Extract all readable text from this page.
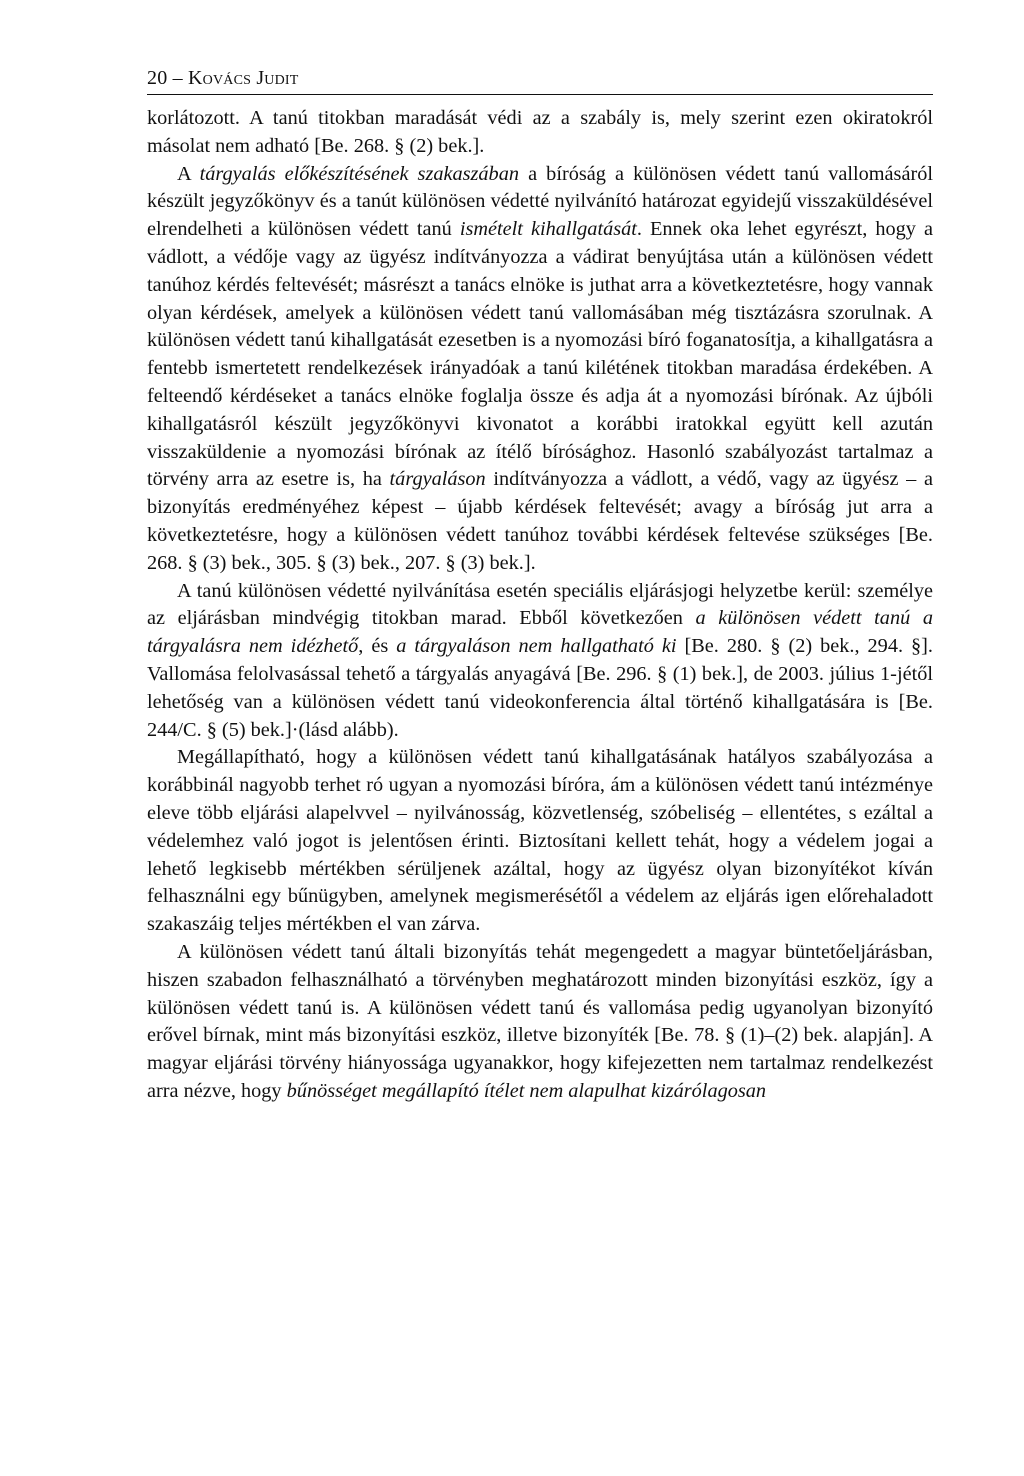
20 – Kovács Judit

korlátozott. A tanú titokban maradását védi az a szabály is, mely szerint ezen okiratokról másolat nem adható [Be. 268. § (2) bek.].

A tárgyalás előkészítésének szakaszában a bíróság a különösen védett tanú vallomásáról készült jegyzőkönyv és a tanút különösen védetté nyilvánító határozat egyidejű visszaküldésével elrendelheti a különösen védett tanú ismételt kihallgatását. Ennek oka lehet egyrészt, hogy a vádlott, a védője vagy az ügyész indítványozza a vádirat benyújtása után a különösen védett tanúhoz kérdés feltevését; másrészt a tanács elnöke is juthat arra a következtetésre, hogy vannak olyan kérdések, amelyek a különösen védett tanú vallomásában még tisztázásra szorulnak. A különösen védett tanú kihallgatását ezesetben is a nyomozási bíró foganatosítja, a kihallgatásra a fentebb ismertetett rendelkezések irányadóak a tanú kilétének titokban maradása érdekében. A felteendő kérdéseket a tanács elnöke foglalja össze és adja át a nyomozási bírónak. Az újbóli kihallgatásról készült jegyzőkönyvi kivonatot a korábbi iratokkal együtt kell azután visszaküldenie a nyomozási bírónak az ítélő bírósághoz. Hasonló szabályozást tartalmaz a törvény arra az esetre is, ha tárgyaláson indítványozza a vádlott, a védő, vagy az ügyész – a bizonyítás eredményéhez képest – újabb kérdések feltevését; avagy a bíróság jut arra a következtetésre, hogy a különösen védett tanúhoz további kérdések feltevése szükséges [Be. 268. § (3) bek., 305. § (3) bek., 207. § (3) bek.].

A tanú különösen védetté nyilvánítása esetén speciális eljárásjogi helyzetbe kerül: személye az eljárásban mindvégig titokban marad. Ebből következően a különösen védett tanú a tárgyalásra nem idézhető, és a tárgyaláson nem hallgatható ki [Be. 280. § (2) bek., 294. §]. Vallomása felolvasással tehető a tárgyalás anyagává [Be. 296. § (1) bek.], de 2003. július 1-jétől lehetőség van a különösen védett tanú videokonferencia által történő kihallgatására is [Be. 244/C. § (5) bek.]·(lásd alább).

Megállapítható, hogy a különösen védett tanú kihallgatásának hatályos szabályozása a korábbinál nagyobb terhet ró ugyan a nyomozási bíróra, ám a különösen védett tanú intézménye eleve több eljárási alapelvvel – nyilvánosság, közvetlenség, szóbeliség – ellentétes, s ezáltal a védelemhez való jogot is jelentősen érinti. Biztosítani kellett tehát, hogy a védelem jogai a lehető legkisebb mértékben sérüljenek azáltal, hogy az ügyész olyan bizonyítékot kíván felhasználni egy bűnügyben, amelynek megismerésétől a védelem az eljárás igen előrehaladott szakaszáig teljes mértékben el van zárva.

A különösen védett tanú általi bizonyítás tehát megengedett a magyar büntetőeljárásban, hiszen szabadon felhasználható a törvényben meghatározott minden bizonyítási eszköz, így a különösen védett tanú is. A különösen védett tanú és vallomása pedig ugyanolyan bizonyító erővel bírnak, mint más bizonyítási eszköz, illetve bizonyíték [Be. 78. § (1)–(2) bek. alapján]. A magyar eljárási törvény hiányossága ugyanakkor, hogy kifejezetten nem tartalmaz rendelkezést arra nézve, hogy bűnösséget megállapító ítélet nem alapulhat kizárólagosan
